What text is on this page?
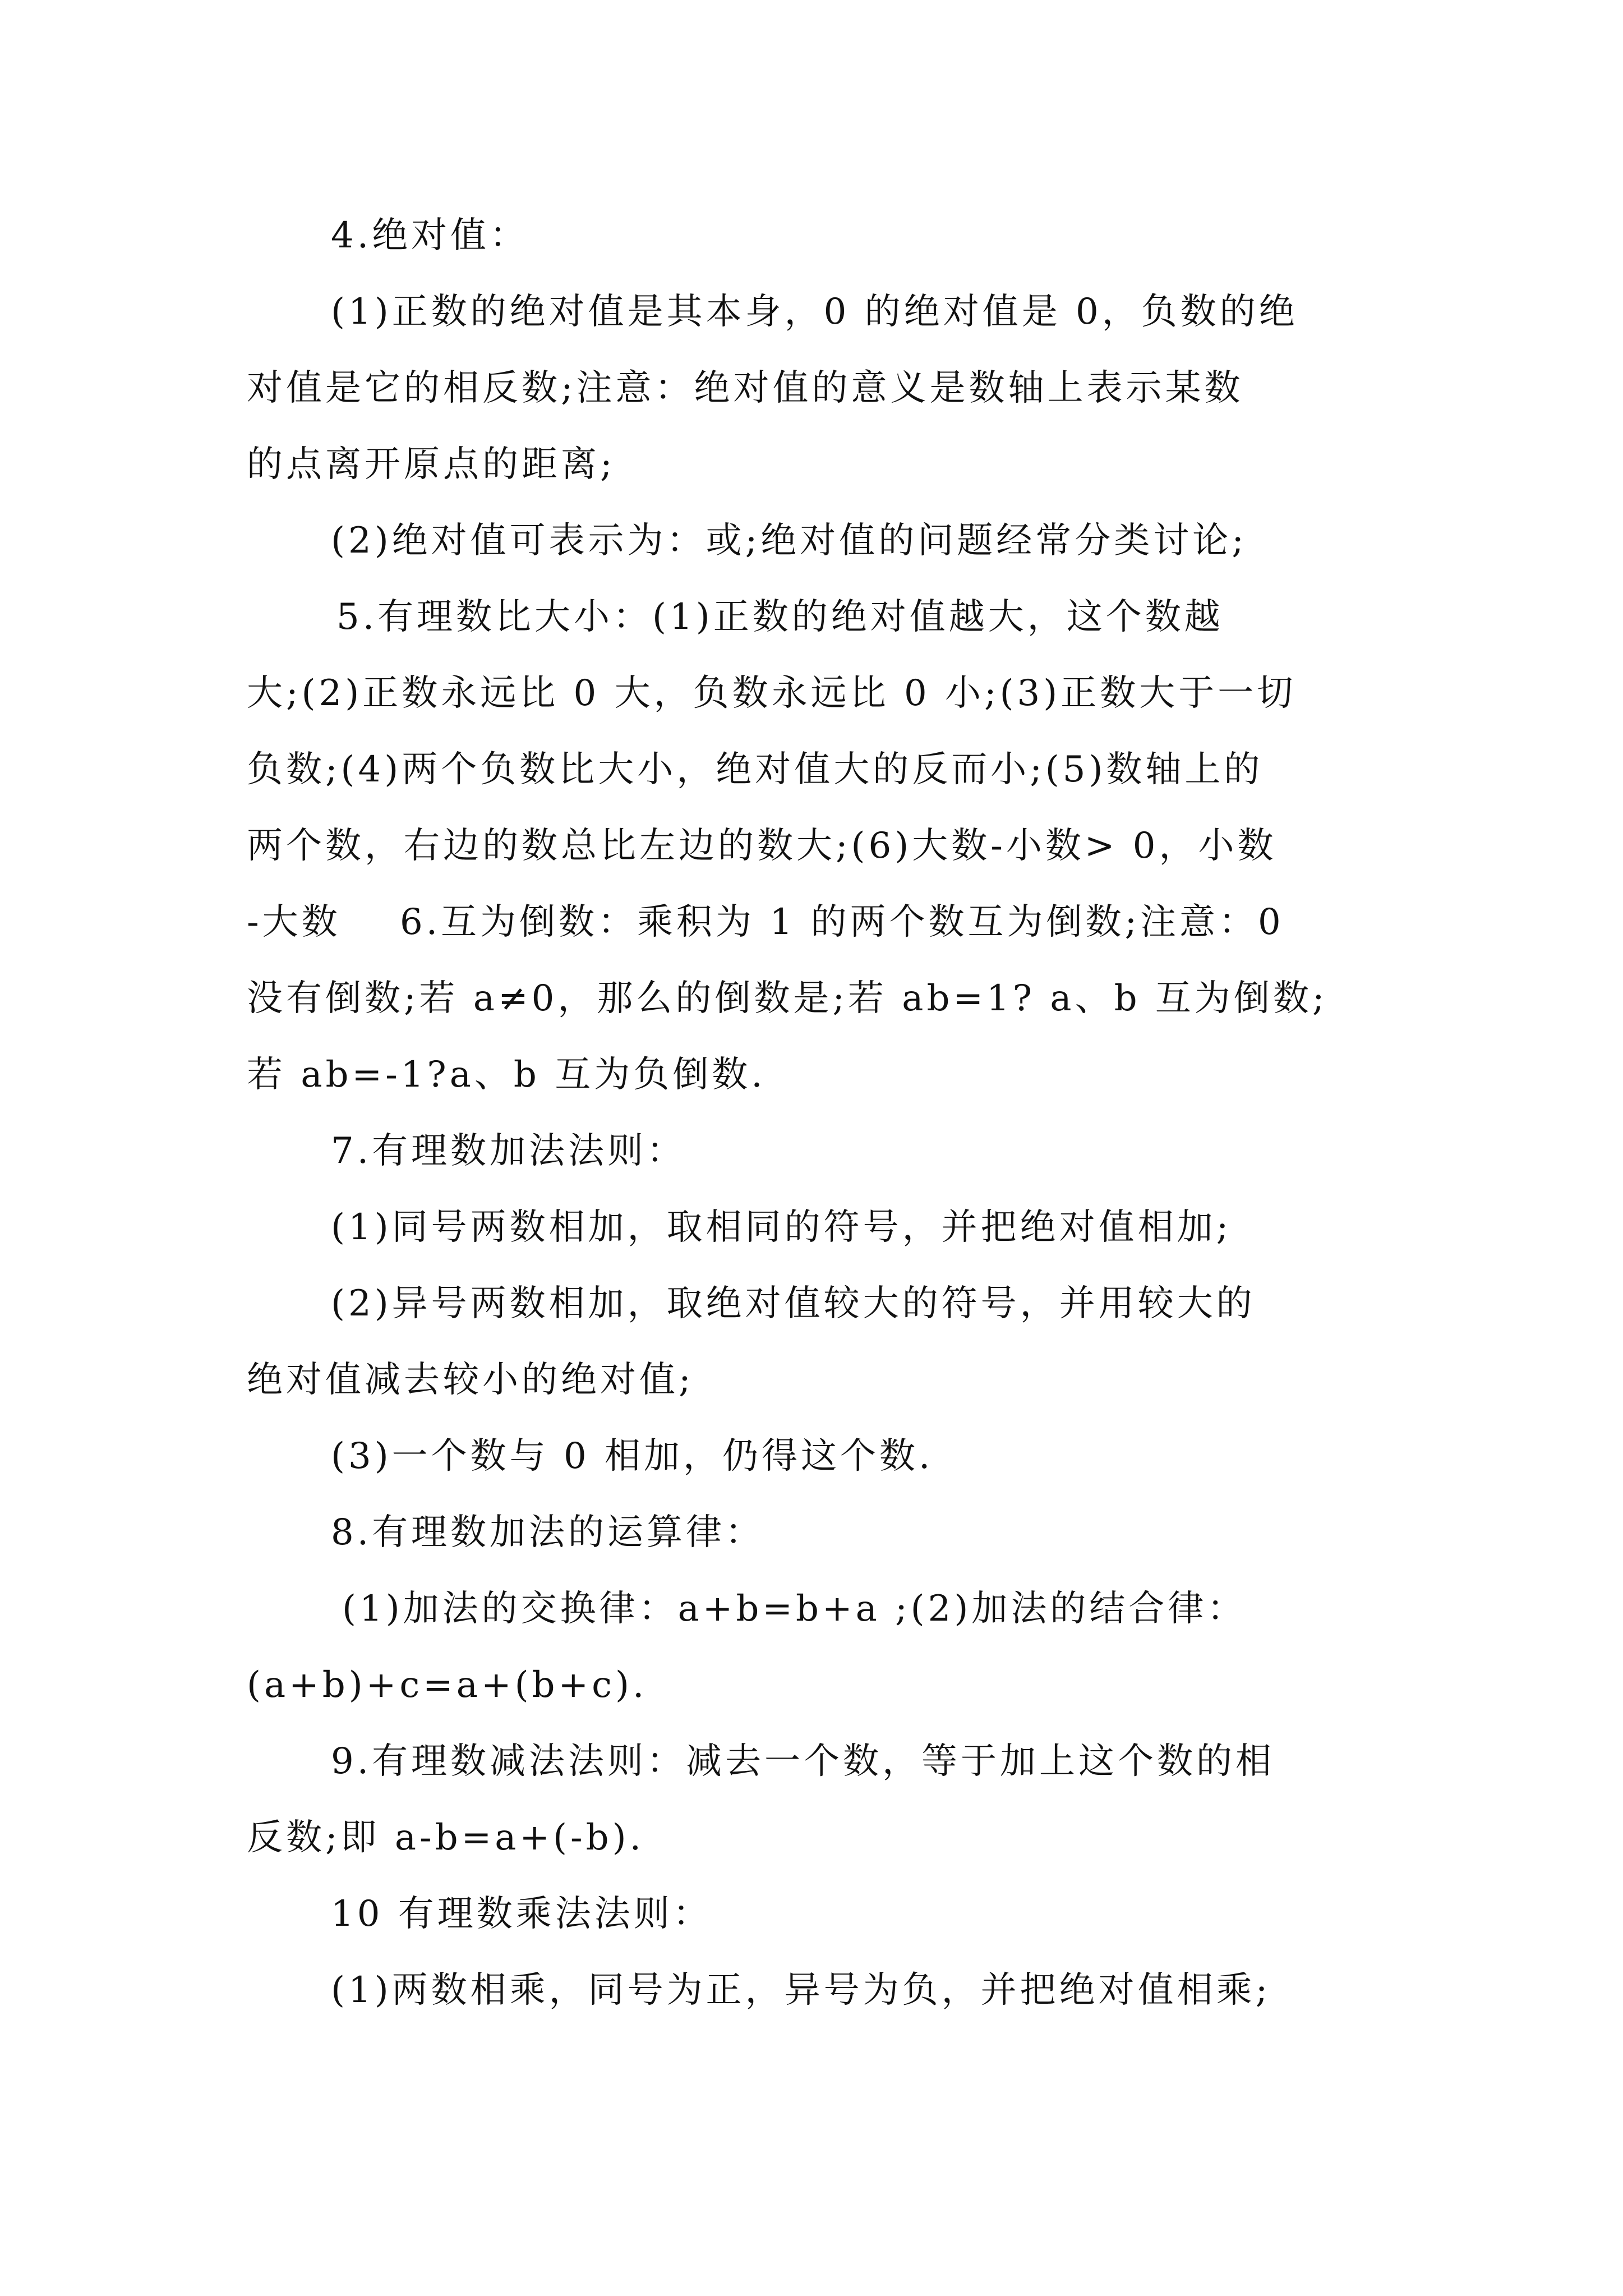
4.绝对值：
(1)正数的绝对值是其本身，0 的绝对值是 0，负数的绝
对值是它的相反数;注意：绝对值的意义是数轴上表示某数
的点离开原点的距离;
(2)绝对值可表示为：或;绝对值的问题经常分类讨论;
5.有理数比大小：(1)正数的绝对值越大，这个数越
大;(2)正数永远比 0 大，负数永远比 0 小;(3)正数大于一切
负数;(4)两个负数比大小，绝对值大的反而小;(5)数轴上的
两个数，右边的数总比左边的数大;(6)大数-小数> 0，小数
-大数    6.互为倒数：乘积为 1 的两个数互为倒数;注意：0
没有倒数;若 a≠0，那么的倒数是;若 ab=1? a、b 互为倒数;
若 ab=-1?a、b 互为负倒数.
7.有理数加法法则：
(1)同号两数相加，取相同的符号，并把绝对值相加;
(2)异号两数相加，取绝对值较大的符号，并用较大的
绝对值减去较小的绝对值;
(3)一个数与 0 相加，仍得这个数.
8.有理数加法的运算律：
(1)加法的交换律：a+b=b+a ;(2)加法的结合律：
(a+b)+c=a+(b+c).
9.有理数减法法则：减去一个数，等于加上这个数的相
反数;即 a-b=a+(-b).
10 有理数乘法法则：
(1)两数相乘，同号为正，异号为负，并把绝对值相乘;
